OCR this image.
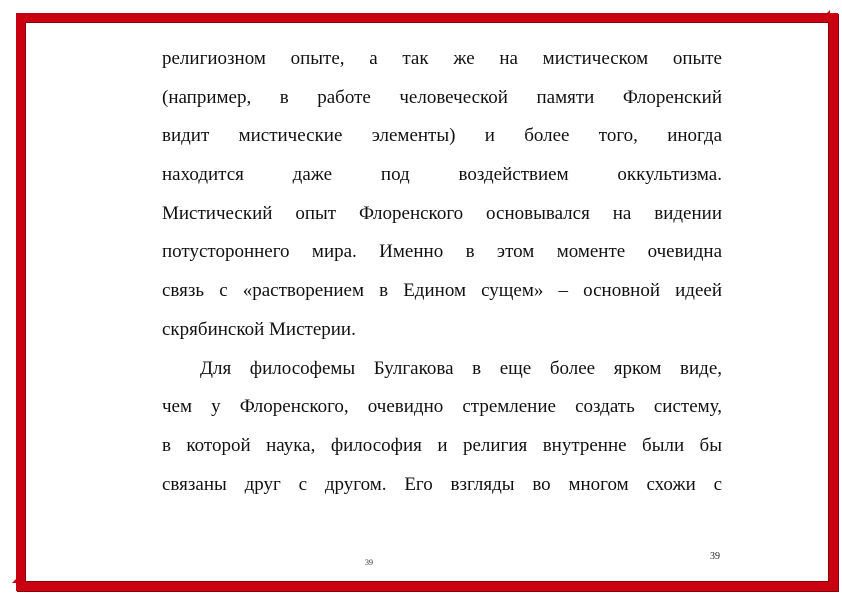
религиозном опыте, а так же на мистическом опыте
(например, в работе человеческой памяти Флоренский
видит мистические элементы) и более того, иногда
находится даже под воздействием оккультизма.
Мистический опыт Флоренского основывался на видении
потустороннего мира. Именно в этом моменте очевидна
связь с «растворением в Едином сущем» – основной идеей
скрябинской Мистерии.
Для философемы Булгакова в еще более ярком виде,
чем у Флоренского, очевидно стремление создать систему,
в которой наука, философия и религия внутренне были бы
связаны друг с другом. Его взгляды во многом схожи с
39
39
